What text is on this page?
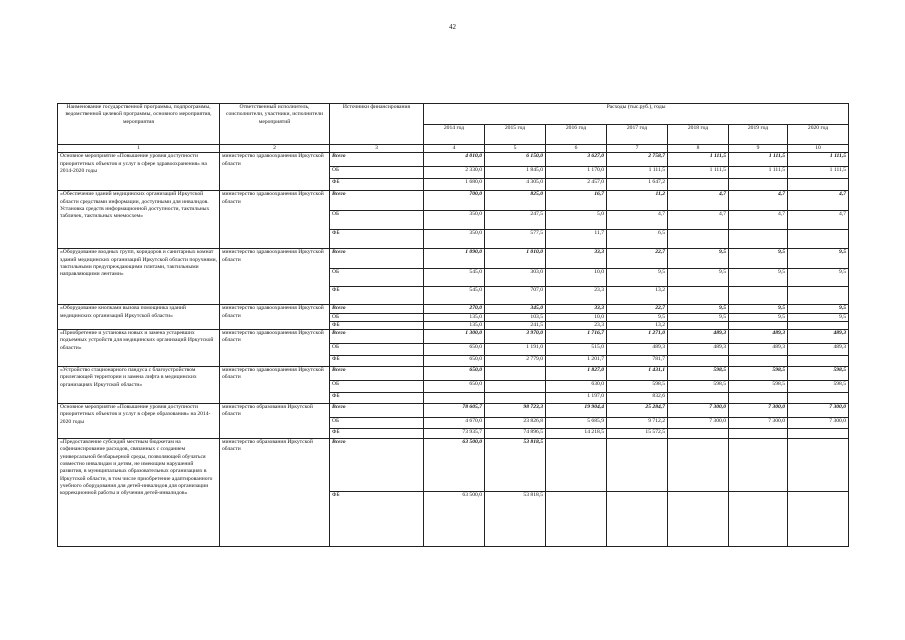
42
Наименование государственной программы, подпрограммы, ведомственной целевой программы, основного мероприятия, мероприятия	Ответственный исполнитель, соисполнители, участники, исполнители мероприятий	Источники финансирования	Расходы (тыс.руб.), годы						
			2014 год	2015 год	2016 год	2017 год	2018 год	2019 год	2020 год
1	2	3	4	5	6	7	8	9	10
Основное мероприятие «Повышение уровня доступности приоритетных объектов и услуг в сфере здравоохранения» на 2014-2020 годы	министерство здравоохранения Иркутской области	Всего	4 010,0	6 150,0	3 627,0	2 758,7	1 111,5	1 111,5	1 111,5
		ОБ	2 330,0	1 845,0	1 170,0	1 111,5	1 111,5	1 111,5	1 111,5
		ФБ	1 680,0	4 305,0	2 457,0	1 647,2			
«Обеспечение зданий медицинских организаций Иркутской области средствами информации, доступными для инвалидов. Установка средств информационной доступности, тактильных табличек, тактильных мнемосхем»	министерство здравоохранения Иркутской области	Всего	700,0	825,0	16,7	11,2	4,7	4,7	4,7
		ОБ	350,0	247,5	5,0	4,7	4,7	4,7	4,7
		ФБ	350,0	577,5	11,7	6,5			
«Оборудование входных групп, коридоров и санитарных комнат зданий медицинских организаций Иркутской области поручнями, тактильными предупреждающими плитами, тактильными направляющими лентами»	министерство здравоохранения Иркутской области	Всего	1 090,0	1 010,0	33,3	22,7	9,5	9,5	9,5
		ОБ	545,0	303,0	10,0	9,5	9,5	9,5	9,5
		ФБ	545,0	707,0	23,3	13,2			
«Оборудование кнопками вызова помощника зданий медицинских организаций Иркутской области»	министерство здравоохранения Иркутской области	Всего	270,0	345,0	33,3	22,7	9,5	9,5	9,5
		ОБ	135,0	103,5	10,0	9,5	9,5	9,5	9,5
		ФБ	135,0	241,5	23,3	13,2			
«Приобретение и установка новых и замена устаревших подъемных устройств для медицинских организаций Иркутской области»	министерство здравоохранения Иркутской области	Всего	1 300,0	3 970,0	1 716,7	1 271,0	489,3	489,3	489,3
		ОБ	650,0	1 191,0	515,0	489,3	489,3	489,3	489,3
		ФБ	650,0	2 779,0	1 201,7	781,7			
«Устройство стационарного пандуса с благоустройством прилегающей территории и замена лифта в медицинских организациях Иркутской области»	министерство здравоохранения Иркутской области	Всего	650,0		1 827,0	1 431,1	598,5	598,5	598,5
		ОБ	650,0		630,0	598,5	598,5	598,5	598,5
		ФБ			1 197,0	832,6			
Основное мероприятие «Повышение уровня доступности приоритетных объектов и услуг в сфере образования» на 2014-2020 годы	министерство образования Иркутской области	Всего	78 605,7	98 723,3	19 904,4	25 284,7	7 300,0	7 300,0	7 300,0
		ОБ	4 670,0	23 826,8	5 685,9	9 712,2	7 300,0	7 300,0	7 300,0
		ФБ	73 935,7	74 896,5	14 218,5	15 572,5			
«Предоставление субсидий местным бюджетам на софинансирование расходов, связанных с созданием универсальной безбарьерной среды, позволяющей обучаться совместно инвалидам и детям, не имеющим нарушений развития, в муниципальных образовательных организациях в Иркутской области, в том числе приобретение адаптированного учебного оборудования для детей-инвалидов для организации коррекционной работы и обучения детей-инвалидов»	министерство образования Иркутской области	Всего	63 500,0	53 818,5					
		ФБ	63 500,0	53 818,5					
